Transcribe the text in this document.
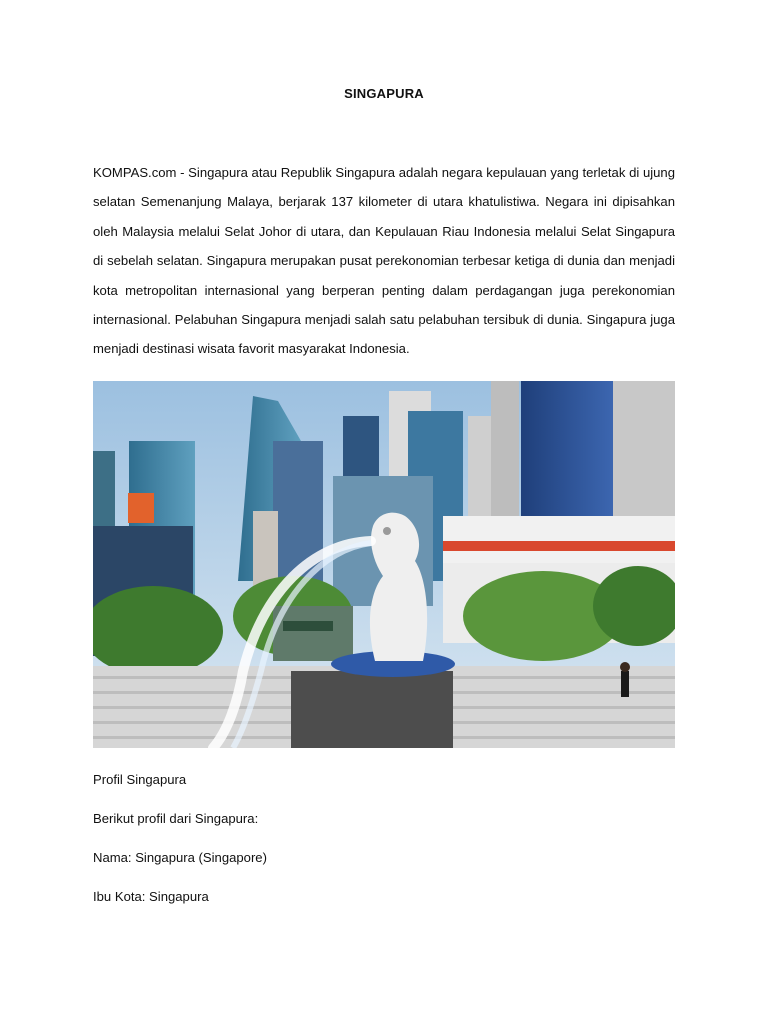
SINGAPURA

KOMPAS.com - Singapura atau Republik Singapura adalah negara kepulauan yang terletak di ujung selatan Semenanjung Malaya, berjarak 137 kilometer di utara khatulistiwa. Negara ini dipisahkan oleh Malaysia melalui Selat Johor di utara, dan Kepulauan Riau Indonesia melalui Selat Singapura di sebelah selatan. Singapura merupakan pusat perekonomian terbesar ketiga di dunia dan menjadi kota metropolitan internasional yang berperan penting dalam perdagangan juga perekonomian internasional. Pelabuhan Singapura menjadi salah satu pelabuhan tersibuk di dunia. Singapura juga menjadi destinasi wisata favorit masyarakat Indonesia.

Profil Singapura

Berikut profil dari Singapura:

Nama: Singapura (Singapore)

Ibu Kota: Singapura
